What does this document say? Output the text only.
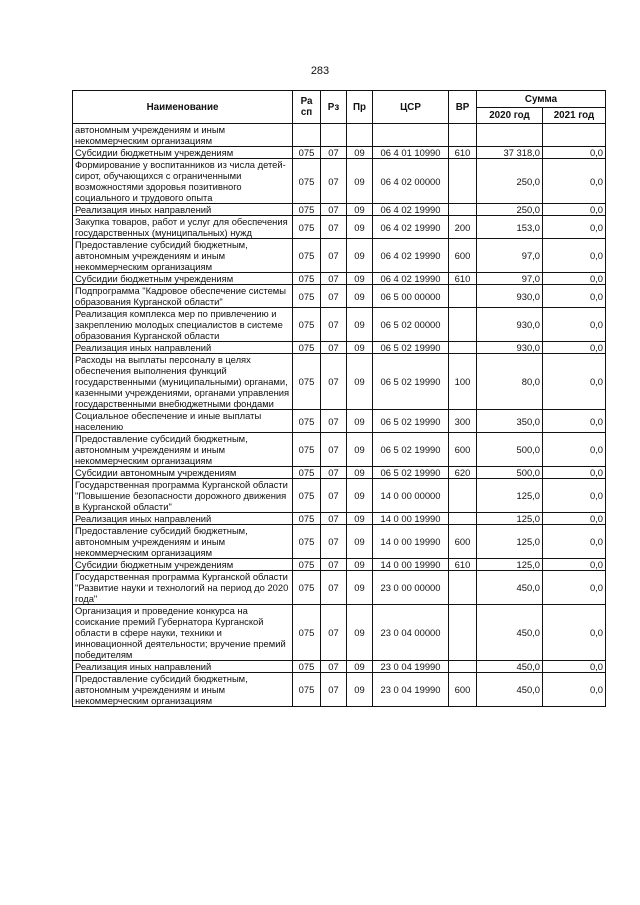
283
Наименование	Ра сп	Рз	Пр	ЦСР	ВР	Сумма	
						2020 год	2021 год
автономным учреждениям и иным некоммерческим организациям							
Субсидии бюджетным учреждениям	075	07	09	06 4 01 10990	610	37 318,0	0,0
Формирование у воспитанников из числа детей-сирот, обучающихся с ограниченными возможностями здоровья позитивного социального и трудового опыта	075	07	09	06 4 02 00000		250,0	0,0
Реализация иных направлений	075	07	09	06 4 02 19990		250,0	0,0
Закупка товаров, работ и услуг для обеспечения государственных (муниципальных) нужд	075	07	09	06 4 02 19990	200	153,0	0,0
Предоставление субсидий бюджетным, автономным учреждениям и иным некоммерческим организациям	075	07	09	06 4 02 19990	600	97,0	0,0
Субсидии бюджетным учреждениям	075	07	09	06 4 02 19990	610	97,0	0,0
Подпрограмма "Кадровое обеспечение системы образования Курганской области"	075	07	09	06 5 00 00000		930,0	0,0
Реализация комплекса мер по привлечению и закреплению молодых специалистов в системе образования Курганской области	075	07	09	06 5 02 00000		930,0	0,0
Реализация иных направлений	075	07	09	06 5 02 19990		930,0	0,0
Расходы на выплаты персоналу в целях обеспечения выполнения функций государственными (муниципальными) органами, казенными учреждениями, органами управления государственными внебюджетными фондами	075	07	09	06 5 02 19990	100	80,0	0,0
Социальное обеспечение и иные выплаты населению	075	07	09	06 5 02 19990	300	350,0	0,0
Предоставление субсидий бюджетным, автономным учреждениям и иным некоммерческим организациям	075	07	09	06 5 02 19990	600	500,0	0,0
Субсидии автономным учреждениям	075	07	09	06 5 02 19990	620	500,0	0,0
Государственная программа Курганской области "Повышение безопасности дорожного движения в Курганской области"	075	07	09	14 0 00 00000		125,0	0,0
Реализация иных направлений	075	07	09	14 0 00 19990		125,0	0,0
Предоставление субсидий бюджетным, автономным учреждениям и иным некоммерческим организациям	075	07	09	14 0 00 19990	600	125,0	0,0
Субсидии бюджетным учреждениям	075	07	09	14 0 00 19990	610	125,0	0,0
Государственная программа Курганской области "Развитие науки и технологий на период до 2020 года"	075	07	09	23 0 00 00000		450,0	0,0
Организация и проведение конкурса на соискание премий Губернатора Курганской области в сфере науки, техники и инновационной деятельности; вручение премий победителям	075	07	09	23 0 04 00000		450,0	0,0
Реализация иных направлений	075	07	09	23 0 04 19990		450,0	0,0
Предоставление субсидий бюджетным, автономным учреждениям и иным некоммерческим организациям	075	07	09	23 0 04 19990	600	450,0	0,0
